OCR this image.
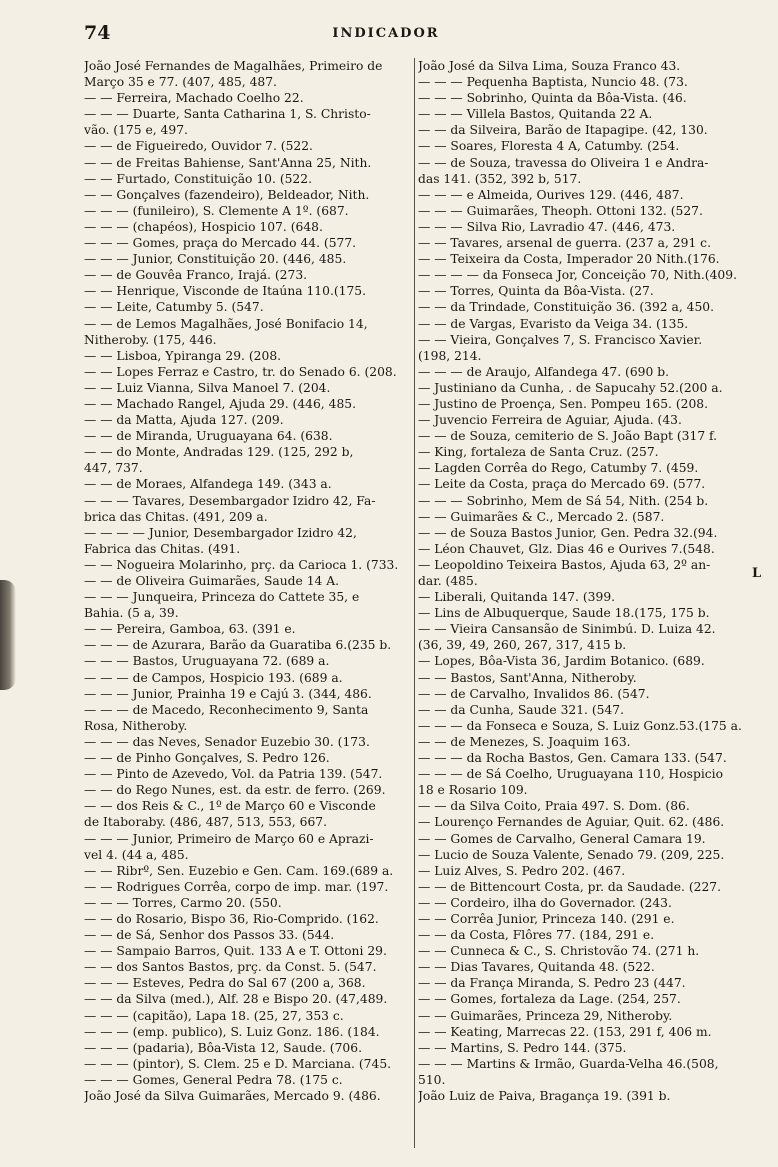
74	INDICADOR
João José Fernandes de Magalhães, Primeiro de
Março 35 e 77. (407, 485, 487.
— — Ferreira, Machado Coelho 22.
— — — Duarte, Santa Catharina 1, S. Christo-
vão. (175 e, 497.
— — de Figueiredo, Ouvidor 7. (522.
— — de Freitas Bahiense, Sant'Anna 25, Nith.
— — Furtado, Constituição 10. (522.
— — Gonçalves (fazendeiro), Beldeador, Nith.
— — — (funileiro), S. Clemente A 1º. (687.
— — — (chapéos), Hospicio 107. (648.
— — — Gomes, praça do Mercado 44. (577.
— — — Junior, Constituição 20. (446, 485.
— — de Gouvêa Franco, Irajá. (273.
— — Henrique, Visconde de Itaúna 110.(175.
— — Leite, Catumby 5. (547.
— — de Lemos Magalhães, José Bonifacio 14,
Nitheroby. (175, 446.
— — Lisboa, Ypiranga 29. (208.
— — Lopes Ferraz e Castro, tr. do Senado 6. (208.
— — Luiz Vianna, Silva Manoel 7. (204.
— — Machado Rangel, Ajuda 29. (446, 485.
— — da Matta, Ajuda 127. (209.
— — de Miranda, Uruguayana 64. (638.
— — do Monte, Andradas 129. (125, 292 b,
447, 737.
— — de Moraes, Alfandega 149. (343 a.
— — — Tavares, Desembargador Izidro 42, Fa-
brica das Chitas. (491, 209 a.
— — — — Junior, Desembargador Izidro 42,
Fabrica das Chitas. (491.
— — Nogueira Molarinho, prç. da Carioca 1. (733.
— — de Oliveira Guimarães, Saude 14 A.
— — — Junqueira, Princeza do Cattete 35, e
Bahia. (5 a, 39.
— — Pereira, Gamboa, 63. (391 e.
— — — de Azurara, Barão da Guaratiba 6.(235 b.
— — — Bastos, Uruguayana 72. (689 a.
— — — de Campos, Hospicio 193. (689 a.
— — — Junior, Prainha 19 e Cajú 3. (344, 486.
— — — de Macedo, Reconhecimento 9, Santa
Rosa, Nitheroby.
— — — das Neves, Senador Euzebio 30. (173.
— — de Pinho Gonçalves, S. Pedro 126.
— — Pinto de Azevedo, Vol. da Patria 139. (547.
— — do Rego Nunes, est. da estr. de ferro. (269.
— — dos Reis & C., 1º de Março 60 e Visconde
de Itaboraby. (486, 487, 513, 553, 667.
— — — Junior, Primeiro de Março 60 e Aprazi-
vel 4. (44 a, 485.
— — Ribrº, Sen. Euzebio e Gen. Cam. 169.(689 a.
— — Rodrigues Corrêa, corpo de imp. mar. (197.
— — — Torres, Carmo 20. (550.
— — do Rosario, Bispo 36, Rio-Comprido. (162.
— — de Sá, Senhor dos Passos 33. (544.
— — Sampaio Barros, Quit. 133 A e T. Ottoni 29.
— — dos Santos Bastos, prç. da Const. 5. (547.
— — — Esteves, Pedra do Sal 67 (200 a, 368.
— — da Silva (med.), Alf. 28 e Bispo 20. (47,489.
— — — (capitão), Lapa 18. (25, 27, 353 c.
— — — (emp. publico), S. Luiz Gonz. 186. (184.
— — — (padaria), Bôa-Vista 12, Saude. (706.
— — — (pintor), S. Clem. 25 e D. Marciana. (745.
— — — Gomes, General Pedra 78. (175 c.
João José da Silva Guimarães, Mercado 9. (486.
João José da Silva Lima, Souza Franco 43.
— — — Pequenha Baptista, Nuncio 48. (73.
— — — Sobrinho, Quinta da Bôa-Vista. (46.
— — — Villela Bastos, Quitanda 22 A.
— — da Silveira, Barão de Itapagipe. (42, 130.
— — Soares, Floresta 4 A, Catumby. (254.
— — de Souza, travessa do Oliveira 1 e Andra-
das 141. (352, 392 b, 517.
— — — e Almeida, Ourives 129. (446, 487.
— — — Guimarães, Theoph. Ottoni 132. (527.
— — — Silva Rio, Lavradio 47. (446, 473.
— — Tavares, arsenal de guerra. (237 a, 291 c.
— — Teixeira da Costa, Imperador 20 Nith.(176.
— — — — da Fonseca Jor, Conceição 70, Nith.(409.
— — Torres, Quinta da Bôa-Vista. (27.
— — da Trindade, Constituição 36. (392 a, 450.
— — de Vargas, Evaristo da Veiga 34. (135.
— — Vieira, Gonçalves 7, S. Francisco Xavier.
(198, 214.
— — — de Araujo, Alfandega 47. (690 b.
— Justiniano da Cunha, . de Sapucahy 52.(200 a.
— Justino de Proença, Sen. Pompeu 165. (208.
— Juvencio Ferreira de Aguiar, Ajuda. (43.
— — de Souza, cemiterio de S. João Bapt (317 f.
— King, fortaleza de Santa Cruz. (257.
— Lagden Corrêa do Rego, Catumby 7. (459.
— Leite da Costa, praça do Mercado 69. (577.
— — — Sobrinho, Mem de Sá 54, Nith. (254 b.
— — Guimarães & C., Mercado 2. (587.
— — de Souza Bastos Junior, Gen. Pedra 32.(94.
— Léon Chauvet, Glz. Dias 46 e Ourives 7.(548.
— Leopoldino Teixeira Bastos, Ajuda 63, 2º an-
dar. (485.
— Liberali, Quitanda 147. (399.
— Lins de Albuquerque, Saude 18.(175, 175 b.
— — Vieira Cansansão de Sinimbú. D. Luiza 42.
(36, 39, 49, 260, 267, 317, 415 b.
— Lopes, Bôa-Vista 36, Jardim Botanico. (689.
— — Bastos, Sant'Anna, Nitheroby.
— — de Carvalho, Invalidos 86. (547.
— — da Cunha, Saude 321. (547.
— — — da Fonseca e Souza, S. Luiz Gonz.53.(175 a.
— — de Menezes, S. Joaquim 163.
— — — da Rocha Bastos, Gen. Camara 133. (547.
— — — de Sá Coelho, Uruguayana 110, Hospicio
18 e Rosario 109.
— — da Silva Coito, Praia 497. S. Dom. (86.
— Lourenço Fernandes de Aguiar, Quit. 62. (486.
— — Gomes de Carvalho, General Camara 19.
— Lucio de Souza Valente, Senado 79. (209, 225.
— Luiz Alves, S. Pedro 202. (467.
— — de Bittencourt Costa, pr. da Saudade. (227.
— — Cordeiro, ilha do Governador. (243.
— — Corrêa Junior, Princeza 140. (291 e.
— — da Costa, Flôres 77. (184, 291 e.
— — Cunneca & C., S. Christovão 74. (271 h.
— — Dias Tavares, Quitanda 48. (522.
— — da França Miranda, S. Pedro 23 (447.
— — Gomes, fortaleza da Lage. (254, 257.
— — Guimarães, Princeza 29, Nitheroby.
— — Keating, Marrecas 22. (153, 291 f, 406 m.
— — Martins, S. Pedro 144. (375.
— — — Martins & Irmão, Guarda-Velha 46.(508,
510.
João Luiz de Paiva, Bragança 19. (391 b.
L
